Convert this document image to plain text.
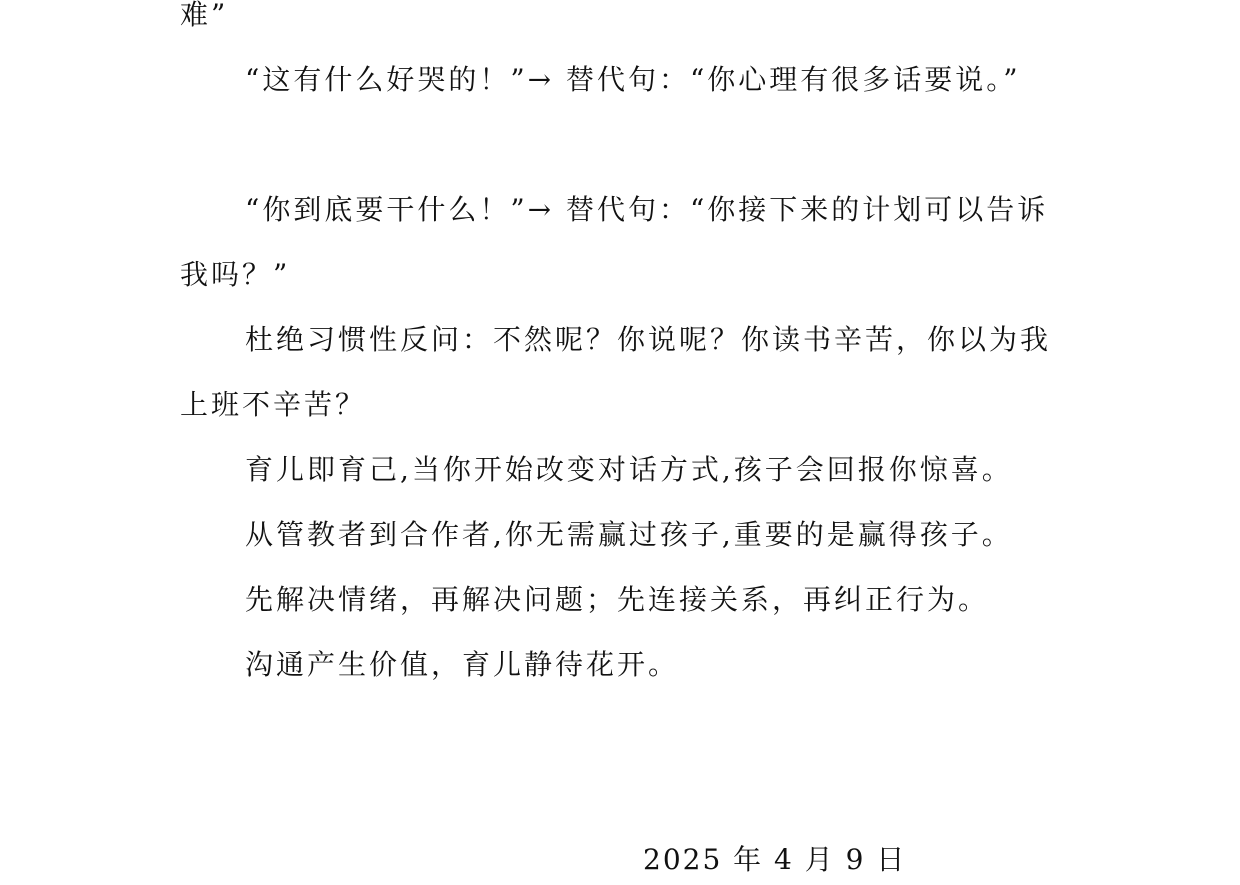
难”

“这有什么好哭的！”→ 替代句：“你心理有很多话要说。”

“你到底要干什么！”→ 替代句：“你接下来的计划可以告诉我吗？”

杜绝习惯性反问：不然呢？你说呢？你读书辛苦，你以为我上班不辛苦？

育儿即育己,当你开始改变对话方式,孩子会回报你惊喜。

从管教者到合作者,你无需赢过孩子,重要的是赢得孩子。

先解决情绪，再解决问题；先连接关系，再纠正行为。

沟通产生价值，育儿静待花开。

2025 年 4 月 9 日
